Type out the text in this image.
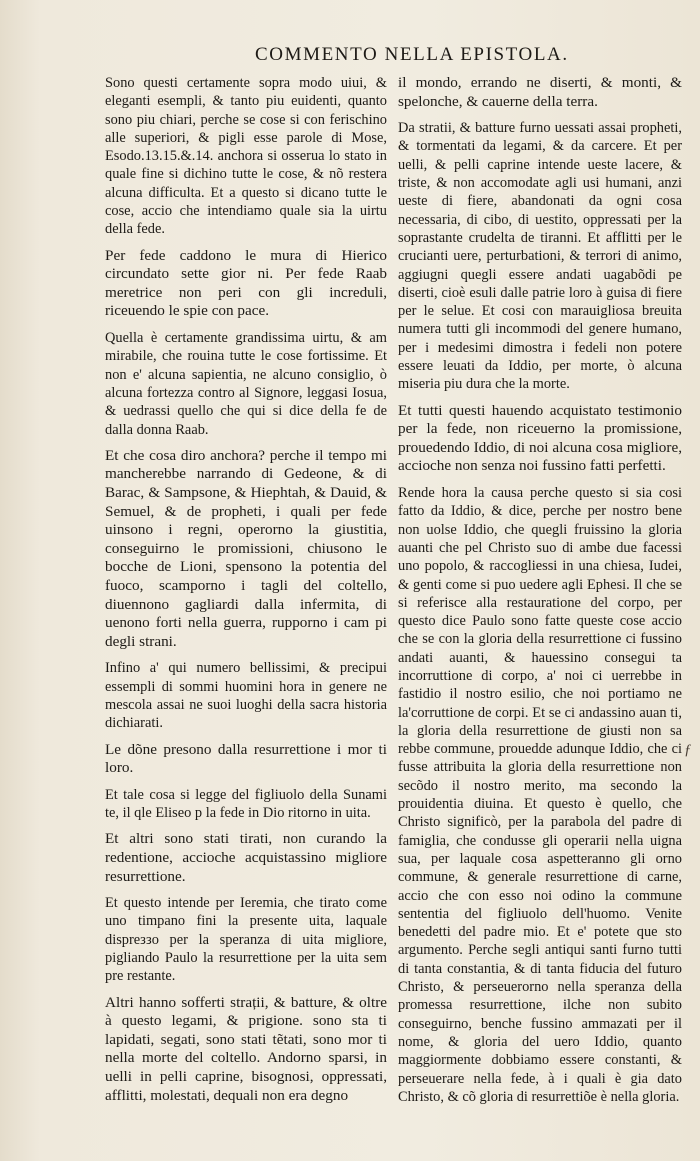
COMMENTO NELLA EPISTOLA.

Sono questi certamente sopra modo uiui, & eleganti esempli, & tanto piu euidenti, quanto sono piu chiari, perche se cose si con ferischino alle superiori, & pigli esse parole di Mose, Esodo.13.15.&.14. anchora si osserua lo stato in quale fine si dichino tutte le cose, & nõ restera alcuna difficulta. Et a questo si dicano tutte le cose, accio che intendiamo quale sia la uirtu della fede.

Per fede caddono le mura di Hierico circundato sette gior ni. Per fede Raab meretrice non peri con gli increduli, riceuendo le spie con pace.

Quella è certamente grandissima uirtu, & am mirabile, che rouina tutte le cose fortissime. Et non e' alcuna sapientia, ne alcuno consiglio, ò alcuna fortezza contro al Signore, leggasi Iosua, & uedrassi quello che qui si dice della fe de dalla donna Raab.

Et che cosa diro anchora? perche il tempo mi mancherebbe narrando di Gedeone, & di Barac, & Sampsone, & Hiephtah, & Dauid, & Semuel, & de propheti, i quali per fede uinsono i regni, operorno la giustitia, conseguirno le promissioni, chiusono le bocche de Lioni, spensono la potentia del fuoco, scamporno i tagli del coltello, diuennono gagliardi dalla infermita, di uenono forti nella guerra, rupporno i cam pi degli strani.

Infino a' qui numero bellissimi, & precipui essempli di sommi huomini hora in genere ne mescola assai ne suoi luoghi della sacra historia dichiarati.

Le dõne presono dalla resurrettione i mor ti loro.

Et tale cosa si legge del figliuolo della Sunami te, il qle Eliseo p la fede in Dio ritorno in uita.

Et altri sono stati tirati, non curando la redentione, accioche acquistassino migliore resurrettione.

Et questo intende per Ieremia, che tirato come uno timpano fini la presente uita, laquale dispreззo per la speranza di uita migliore, pigliando Paulo la resurrettione per la uita sem pre restante.

Altri hanno sofferti strații, & batture, & oltre à questo legami, & prigione. sono sta ti lapidati, segati, sono stati tẽtati, sono mor ti nella morte del coltello. Andorno sparsi, in uelli in pelli caprine, bisognosi, oppressati, afflitti, molestati, dequali non era degno

il mondo, errando ne diserti, & monti, & spelonche, & cauerne della terra.

Da stratii, & batture furno uessati assai propheti, & tormentati da legami, & da carcere. Et per uelli, & pelli caprine intende ueste lacere, & triste, & non accomodate agli usi humani, anzi ueste di fiere, abandonati da ogni cosa necessaria, di cibo, di uestito, oppressati per la soprastante crudelta de tiranni. Et afflitti per le crucianti uere, perturbationi, & terrori di animo, aggiugni quegli essere andati uagabõdi pe diserti, cioè esuli dalle patrie loro à guisa di fiere per le selue. Et cosi con marauigliosa breuita numera tutti gli incommodi del genere humano, per i medesimi dimostra i fedeli non potere essere leuati da Iddio, per morte, ò alcuna miseria piu dura che la morte.

Et tutti questi hauendo acquistato testimonio per la fede, non riceuerno la promissione, prouedendo Iddio, di noi alcuna cosa migliore, accioche non senza noi fussino fatti perfetti.

Rende hora la causa perche questo si sia cosi fatto da Iddio, & dice, perche per nostro bene non uolse Iddio, che quegli fruissino la gloria auanti che pel Christo suo di ambe due facessi uno popolo, & raccogliessi in una chiesa, Iudei, & genti come si puo uedere agli Ephesi. Il che se si referisce alla restauratione del corpo, per questo dice Paulo sono fatte queste cose accio che se con la gloria della resurrettione ci fussino andati auanti, & hauessino consegui ta incorruttione di corpo, a' noi ci uerrebbe in fastidio il nostro esilio, che noi portiamo ne la'corruttione de corpi. Et se ci andassino auan ti, la gloria della resurrettione de giusti non sa rebbe commune, prouedde adunque Iddio, che ci fusse attribuita la gloria della resurrettione non secõdo il nostro merito, ma secondo la prouidentia diuina. Et questo è quello, che Christo significò, per la parabola del padre di famiglia, che condusse gli operarii nella uigna sua, per laquale cosa aspetteranno gli orno commune, & generale resurrettione di carne, accio che con esso noi odino la commune sententia del figliuolo dell'huomo. Venite benedetti del padre mio. Et e' potete que sto argumento. Perche segli antiqui santi furno tutti di tanta constantia, & di tanta fiducia del futuro Christo, & perseuerorno nella speranza della promessa resurrettione, ilche non subito conseguirno, benche fussino ammazati per il nome, & gloria del uero Iddio, quanto maggiormente dobbiamo essere constanti, & perseuerare nella fede, à i quali è gia dato Christo, & cõ gloria di resurrettiõe è nella gloria.

ƒ
